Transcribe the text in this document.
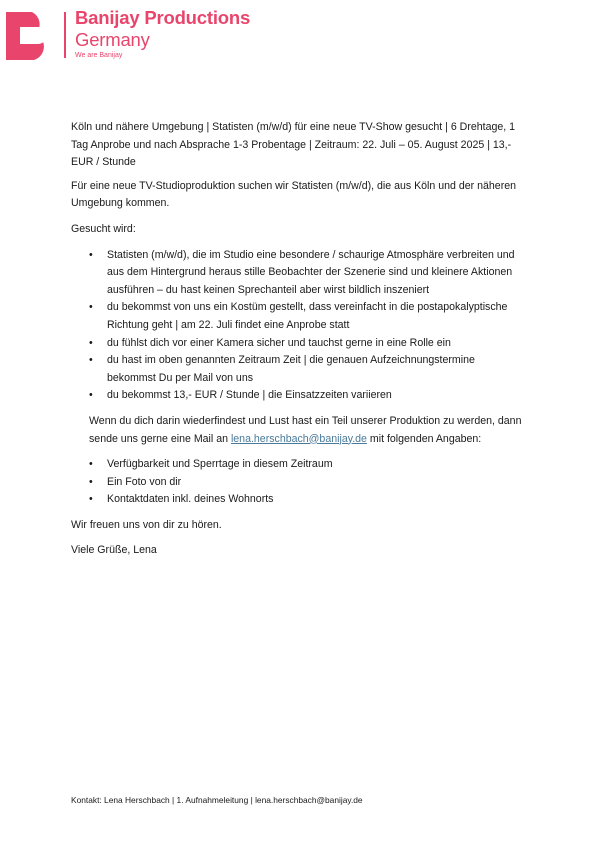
Banijay Productions
Germany
We are Banijay

Köln und nähere Umgebung | Statisten (m/w/d) für eine neue TV-Show gesucht | 6 Drehtage, 1 Tag Anprobe und nach Absprache 1-3 Probentage | Zeitraum: 22. Juli – 05. August 2025 | 13,- EUR / Stunde

Für eine neue TV-Studioproduktion suchen wir Statisten (m/w/d), die aus Köln und der näheren Umgebung kommen.

Gesucht wird:

• Statisten (m/w/d), die im Studio eine besondere / schaurige Atmosphäre verbreiten und aus dem Hintergrund heraus stille Beobachter der Szenerie sind und kleinere Aktionen ausführen – du hast keinen Sprechanteil aber wirst bildlich inszeniert
• du bekommst von uns ein Kostüm gestellt, dass vereinfacht in die postapokalyptische Richtung geht | am 22. Juli findet eine Anprobe statt
• du fühlst dich vor einer Kamera sicher und tauchst gerne in eine Rolle ein
• du hast im oben genannten Zeitraum Zeit | die genauen Aufzeichnungstermine bekommst Du per Mail von uns
• du bekommst 13,- EUR / Stunde | die Einsatzzeiten variieren

Wenn du dich darin wiederfindest und Lust hast ein Teil unserer Produktion zu werden, dann sende uns gerne eine Mail an lena.herschbach@banijay.de mit folgenden Angaben:

• Verfügbarkeit und Sperrtage in diesem Zeitraum
• Ein Foto von dir
• Kontaktdaten inkl. deines Wohnorts

Wir freuen uns von dir zu hören.

Viele Grüße, Lena

Kontakt: Lena Herschbach | 1. Aufnahmeleitung | lena.herschbach@banijay.de
